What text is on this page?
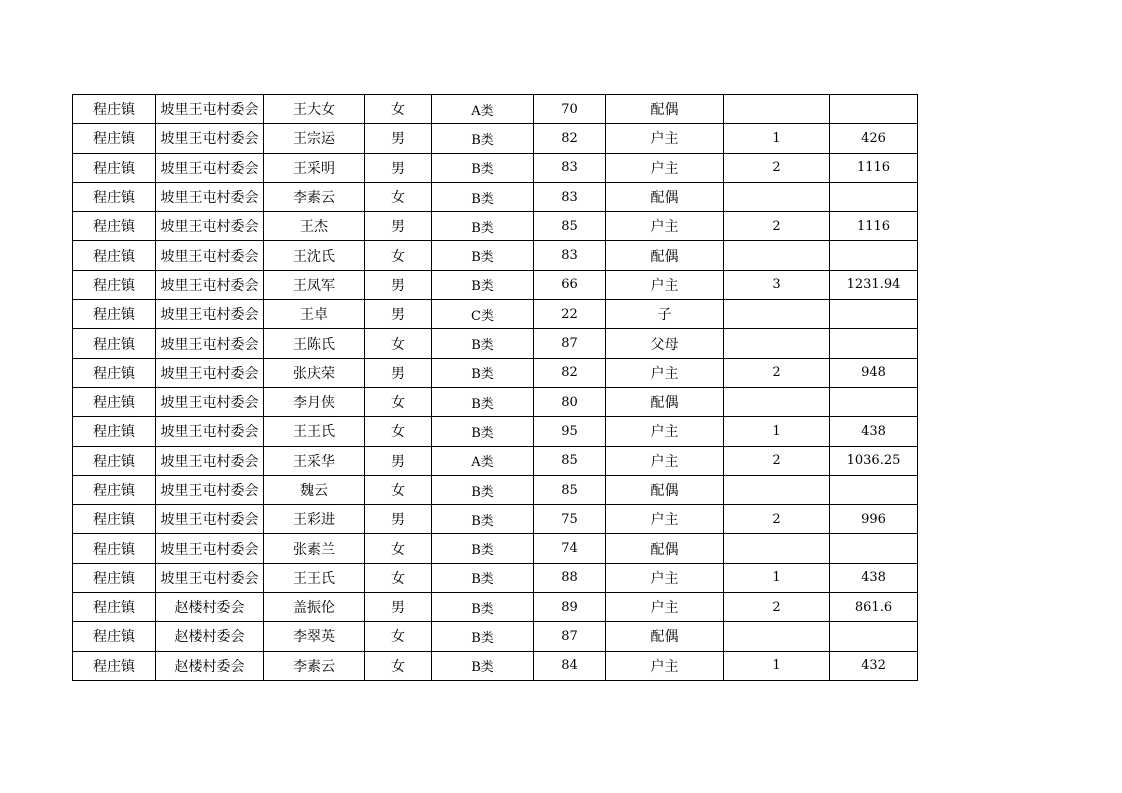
程庄镇	坡里王屯村委会	王大女	女	A类	70	配偶		
程庄镇	坡里王屯村委会	王宗运	男	B类	82	户主	1	426
程庄镇	坡里王屯村委会	王采明	男	B类	83	户主	2	1116
程庄镇	坡里王屯村委会	李素云	女	B类	83	配偶		
程庄镇	坡里王屯村委会	王杰	男	B类	85	户主	2	1116
程庄镇	坡里王屯村委会	王沈氏	女	B类	83	配偶		
程庄镇	坡里王屯村委会	王凤军	男	B类	66	户主	3	1231.94
程庄镇	坡里王屯村委会	王卓	男	C类	22	子		
程庄镇	坡里王屯村委会	王陈氏	女	B类	87	父母		
程庄镇	坡里王屯村委会	张庆荣	男	B类	82	户主	2	948
程庄镇	坡里王屯村委会	李月侠	女	B类	80	配偶		
程庄镇	坡里王屯村委会	王王氏	女	B类	95	户主	1	438
程庄镇	坡里王屯村委会	王采华	男	A类	85	户主	2	1036.25
程庄镇	坡里王屯村委会	魏云	女	B类	85	配偶		
程庄镇	坡里王屯村委会	王彩进	男	B类	75	户主	2	996
程庄镇	坡里王屯村委会	张素兰	女	B类	74	配偶		
程庄镇	坡里王屯村委会	王王氏	女	B类	88	户主	1	438
程庄镇	赵楼村委会	盖振伦	男	B类	89	户主	2	861.6
程庄镇	赵楼村委会	李翠英	女	B类	87	配偶		
程庄镇	赵楼村委会	李素云	女	B类	84	户主	1	432
